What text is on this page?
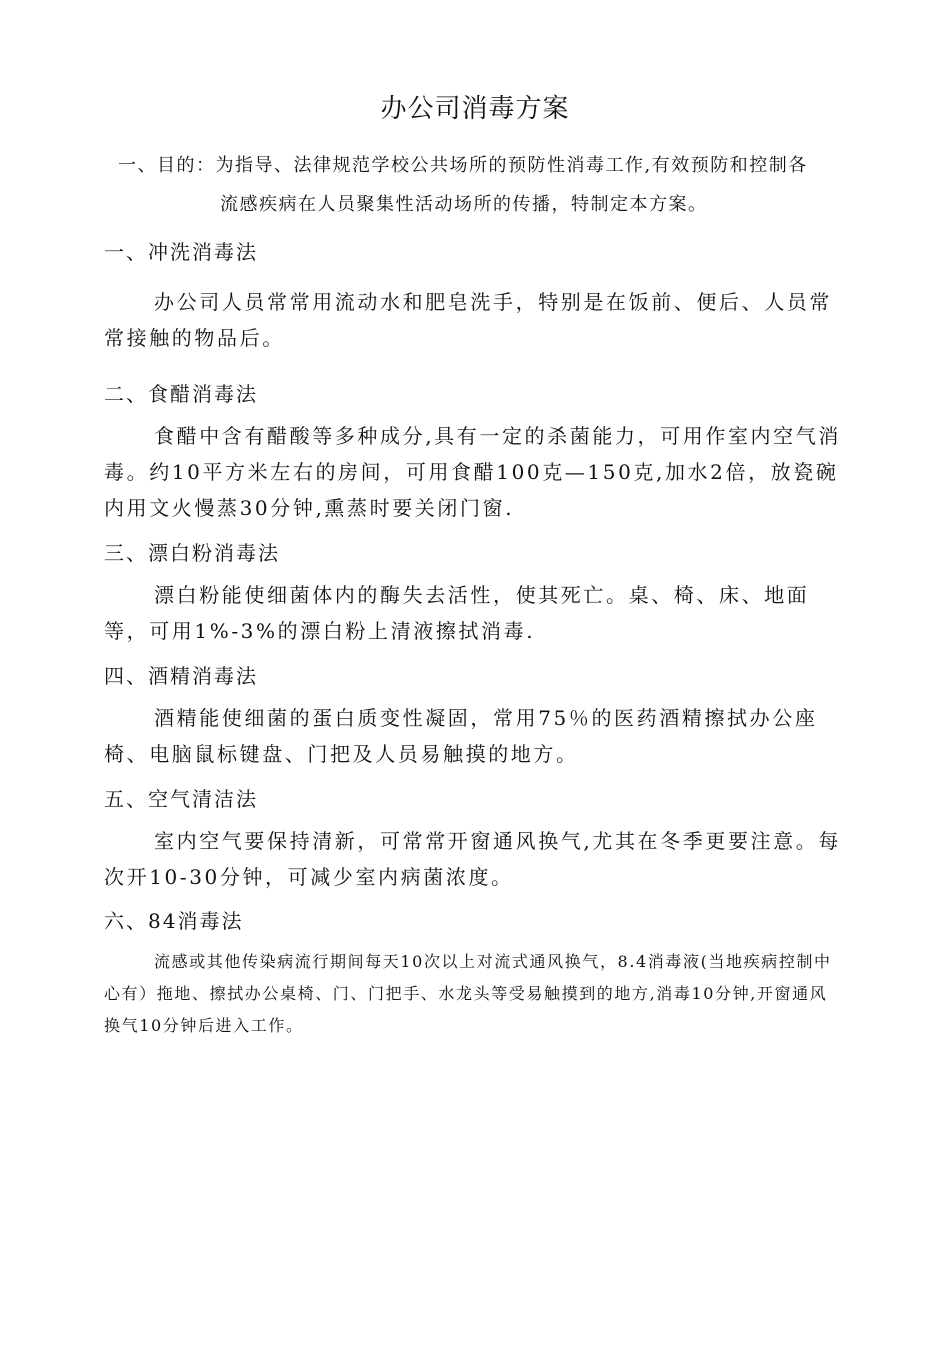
办公司消毒方案
一、目的：为指导、法律规范学校公共场所的预防性消毒工作,有效预防和控制各
流感疾病在人员聚集性活动场所的传播，特制定本方案。
一、冲洗消毒法
办公司人员常常用流动水和肥皂洗手，特别是在饭前、便后、人员常常接触的物品后。
二、食醋消毒法
食醋中含有醋酸等多种成分,具有一定的杀菌能力，可用作室内空气消毒。约10平方米左右的房间，可用食醋100克—150克,加水2倍，放瓷碗内用文火慢蒸30分钟,熏蒸时要关闭门窗.
三、漂白粉消毒法
漂白粉能使细菌体内的酶失去活性，使其死亡。桌、椅、床、地面等，可用1%-3%的漂白粉上清液擦拭消毒.
四、酒精消毒法
酒精能使细菌的蛋白质变性凝固，常用75％的医药酒精擦拭办公座椅、电脑鼠标键盘、门把及人员易触摸的地方。
五、空气清洁法
室内空气要保持清新，可常常开窗通风换气,尤其在冬季更要注意。每次开10-30分钟，可减少室内病菌浓度。
六、84消毒法
流感或其他传染病流行期间每天10次以上对流式通风换气，8.4消毒液(当地疾病控制中心有）拖地、擦拭办公桌椅、门、门把手、水龙头等受易触摸到的地方,消毒10分钟,开窗通风换气10分钟后进入工作。
